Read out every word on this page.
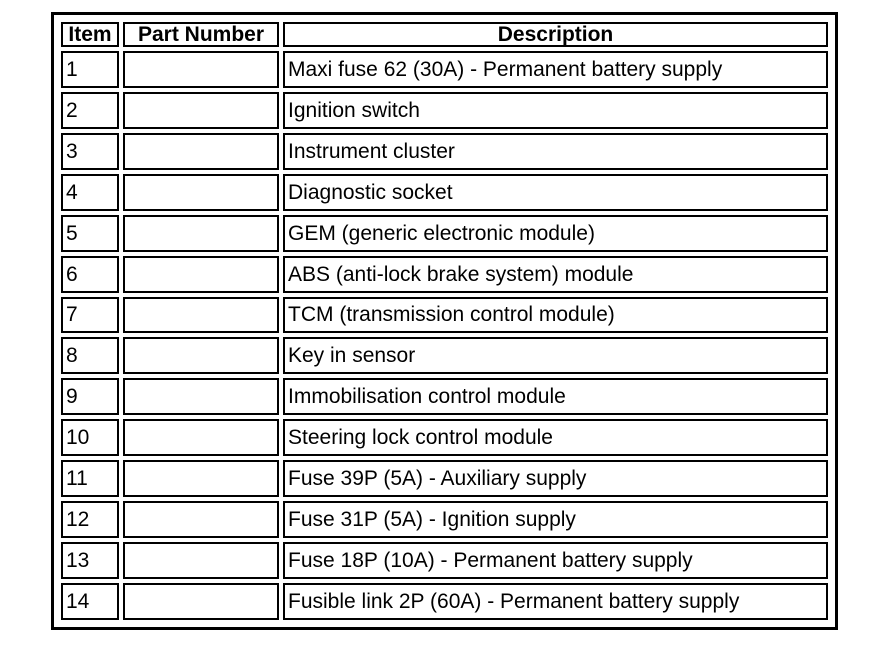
Item	Part Number	Description
1		Maxi fuse 62 (30A) - Permanent battery supply
2		Ignition switch
3		Instrument cluster
4		Diagnostic socket
5		GEM (generic electronic module)
6		ABS (anti-lock brake system) module
7		TCM (transmission control module)
8		Key in sensor
9		Immobilisation control module
10		Steering lock control module
11		Fuse 39P (5A) - Auxiliary supply
12		Fuse 31P (5A) - Ignition supply
13		Fuse 18P (10A) - Permanent battery supply
14		Fusible link 2P (60A) - Permanent battery supply
